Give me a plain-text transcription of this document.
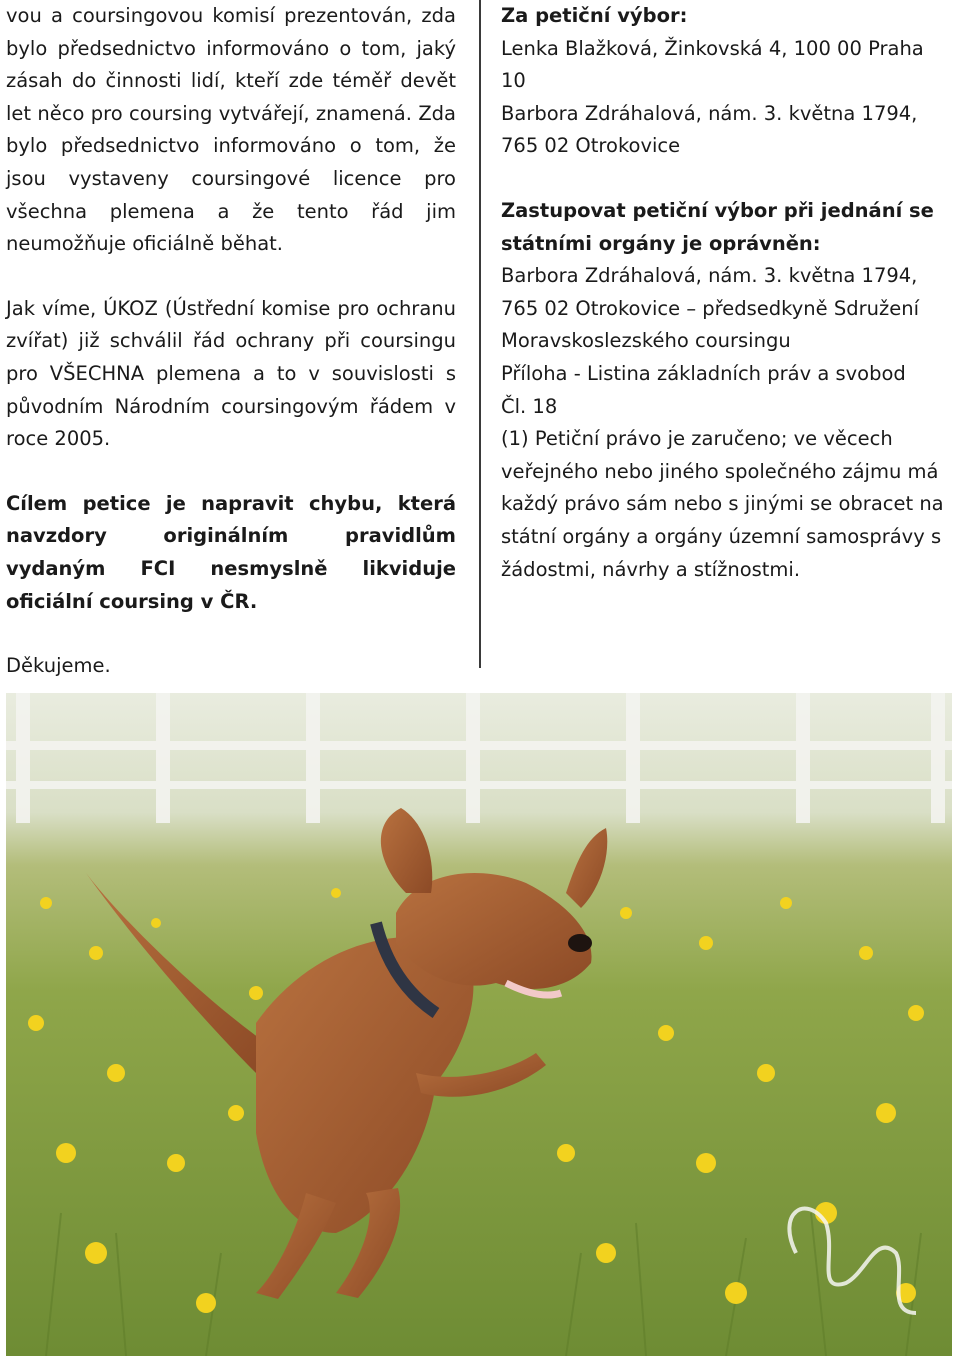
vou a coursingovou komisí prezentován, zda bylo předsednictvo informováno o tom, jaký zásah do činnosti lidí, kteří zde téměř devět let něco pro coursing vytvářejí, znamená. Zda bylo předsednictvo informováno o tom, že jsou vystaveny coursingové licence pro všechna plemena a že tento řád jim neumožňuje oficiálně běhat.

Jak víme, ÚKOZ (Ústřední komise pro ochranu zvířat) již schválil řád ochrany při coursingu pro VŠECHNA plemena a to v souvislosti s původním Národním coursingovým řádem v roce 2005.

Cílem petice je napravit chybu, která navzdory originálním pravidlům vydaným FCI nesmyslně likviduje oficiální coursing v ČR.

Děkujeme.

Za petiční výbor:

Lenka Blažková, Žinkovská 4, 100 00 Praha 10

Barbora Zdráhalová, nám. 3. května 1794, 765 02 Otrokovice

Zastupovat petiční výbor při jednání se státními orgány je oprávněn:

Barbora Zdráhalová, nám. 3. května 1794, 765 02 Otrokovice – předsedkyně Sdružení Moravskoslezského coursingu

Příloha - Listina základních práv a svobod

Čl. 18

(1) Petiční právo je zaručeno; ve věcech veřejného nebo jiného společného zájmu má každý právo sám nebo s jinými se obracet na státní orgány a orgány územní samosprávy s žádostmi, návrhy a stížnostmi.
